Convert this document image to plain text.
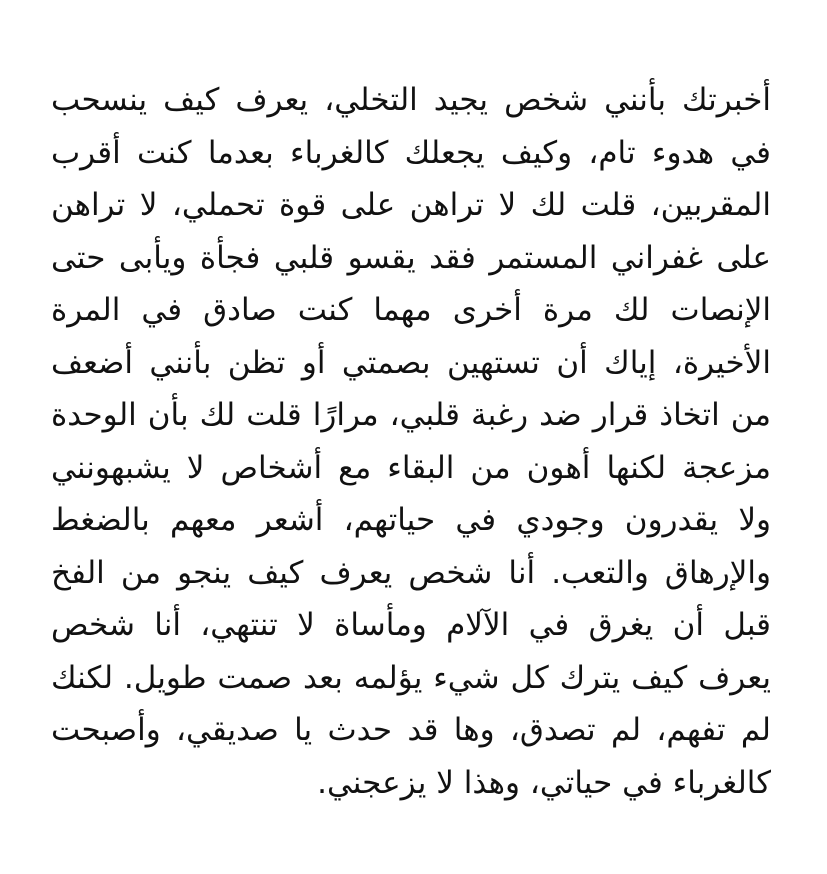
أخبرتك بأنني شخص يجيد التخلي، يعرف كيف ينسحب
في هدوء تام، وكيف يجعلك كالغرباء بعدما كنت أقرب
المقربين، قلت لك لا تراهن على قوة تحملي، لا تراهن
على غفراني المستمر فقد يقسو قلبي فجأة ويأبى حتى
الإنصات لك مرة أخرى مهما كنت صادق في المرة
الأخيرة، إياك أن تستهين بصمتي أو تظن بأنني أضعف
من اتخاذ قرار ضد رغبة قلبي، مرارًا قلت لك بأن الوحدة
مزعجة لكنها أهون من البقاء مع أشخاص لا يشبهونني
ولا يقدرون وجودي في حياتهم، أشعر معهم بالضغط
والإرهاق والتعب. أنا شخص يعرف كيف ينجو من الفخ
قبل أن يغرق في الآلام ومأساة لا تنتهي، أنا شخص
يعرف كيف يترك كل شيء يؤلمه بعد صمت طويل. لكنك
لم تفهم، لم تصدق، وها قد حدث يا صديقي، وأصبحت
كالغرباء في حياتي، وهذا لا يزعجني.
